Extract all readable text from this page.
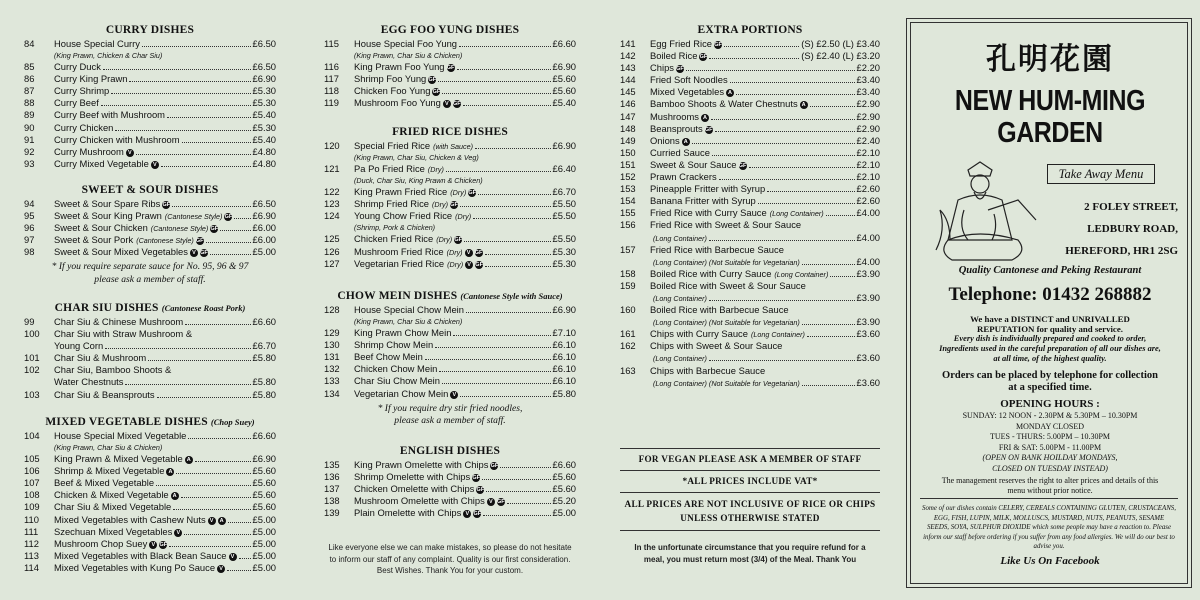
CURRY DISHES
84	House Special Curry	£6.50
(King Prawn, Chicken & Char Siu)
85	Curry Duck	£6.50
86	Curry King Prawn	£6.90
87	Curry Shrimp	£5.30
88	Curry Beef	£5.30
89	Curry Beef with Mushroom	£5.40
90	Curry Chicken	£5.30
91	Curry Chicken with Mushroom	£5.40
92	Curry Mushroom V	£4.80
93	Curry Mixed Vegetable V	£4.80
SWEET & SOUR DISHES
94	Sweet & Sour Spare Ribs GF	£6.50
95	Sweet & Sour King Prawn (Cantonese Style) GF £6.90
96	Sweet & Sour Chicken (Cantonese Style) GF	£6.00
97	Sweet & Sour Pork (Cantonese Style) GF	£6.00
98	Sweet & Sour Mixed Vegetables V GF	£5.00
* If you require separate sauce for No. 95, 96 & 97
please ask a member of staff.
CHAR SIU DISHES (Cantonese Roast Pork)
99	Char Siu & Chinese Mushroom	£6.60
100	Char Siu with Straw Mushroom &
Young Corn	£6.70
101	Char Siu & Mushroom	£5.80
102	Char Siu, Bamboo Shoots &
Water Chestnuts	£5.80
103	Char Siu & Beansprouts	£5.80
MIXED VEGETABLE DISHES (Chop Suey)
104	House Special Mixed Vegetable	£6.60
(King Prawn, Char Siu & Chicken)
105	King Prawn & Mixed Vegetable A	£6.90
106	Shrimp & Mixed Vegetable A	£5.60
107	Beef & Mixed Vegetable	£5.60
108	Chicken & Mixed Vegetable A	£5.60
109	Char Siu & Mixed Vegetable	£5.60
110	Mixed Vegetables with Cashew Nuts V A	£5.00
111	Szechuan Mixed Vegetables V	£5.00
112	Mushroom Chop Suey V GF	£5.00
113	Mixed Vegetables with Black Bean Sauce V £5.00
114	Mixed Vegetables with Kung Po Sauce V	£5.00
EGG FOO YUNG DISHES
115	House Special Foo Yung	£6.60
(King Prawn, Char Siu & Chicken)
116	King Prawn Foo Yung GF	£6.90
117	Shrimp Foo Yung GF	£5.60
118	Chicken Foo Yung GF	£5.60
119	Mushroom Foo Yung V GF	£5.40
FRIED RICE DISHES
120	Special Fried Rice (with Sauce)	£6.90
(King Prawn, Char Siu, Chicken & Veg)
121	Pa Po Fried Rice (Dry)	£6.40
(Duck, Char Siu, King Prawn & Chicken)
122	King Prawn Fried Rice (Dry) GF	£6.70
123	Shrimp Fried Rice (Dry) GF	£5.50
124	Young Chow Fried Rice (Dry)	£5.50
(Shrimp, Pork & Chicken)
125	Chicken Fried Rice (Dry) GF	£5.50
126	Mushroom Fried Rice (Dry) V GF	£5.30
127	Vegetarian Fried Rice (Dry) V GF	£5.30
CHOW MEIN DISHES (Cantonese Style with Sauce)
128	House Special Chow Mein	£6.90
(King Prawn, Char Siu & Chicken)
129	King Prawn Chow Mein	£7.10
130	Shrimp Chow Mein	£6.10
131	Beef Chow Mein	£6.10
132	Chicken Chow Mein	£6.10
133	Char Siu Chow Mein	£6.10
134	Vegetarian Chow Mein V	£5.80
* If you require dry stir fried noodles,
please ask a member of staff.
ENGLISH DISHES
135	King Prawn Omelette with Chips GF	£6.60
136	Shrimp Omelette with Chips GF	£5.60
137	Chicken Omelette with Chips GF	£5.60
138	Mushroom Omelette with Chips V GF	£5.20
139	Plain Omelette with Chips V GF	£5.00
Like everyone else we can make mistakes, so please do not hesitate to inform our staff of any complaint. Quality is our first consideration. Best Wishes. Thank You for your custom.
EXTRA PORTIONS
141	Egg Fried Rice GF	(S) £2.50 (L) £3.40
142	Boiled Rice GF	(S) £2.40 (L) £3.20
143	Chips GF	£2.20
144	Fried Soft Noodles	£3.40
145	Mixed Vegetables A	£3.40
146	Bamboo Shoots & Water Chestnuts A	£2.90
147	Mushrooms A	£2.90
148	Beansprouts GF	£2.90
149	Onions A	£2.40
150	Curried Sauce	£2.10
151	Sweet & Sour Sauce GF	£2.10
152	Prawn Crackers	£2.10
153	Pineapple Fritter with Syrup	£2.60
154	Banana Fritter with Syrup	£2.60
155	Fried Rice with Curry Sauce (Long Container)	£4.00
156	Fried Rice with Sweet & Sour Sauce
(Long Container)	£4.00
157	Fried Rice with Barbecue Sauce
(Long Container) (Not Suitable for Vegetarian)	£4.00
158	Boiled Rice with Curry Sauce (Long Container)	£3.90
159	Boiled Rice with Sweet & Sour Sauce
(Long Container)	£3.90
160	Boiled Rice with Barbecue Sauce
(Long Container) (Not Suitable for Vegetarian)	£3.90
161	Chips with Curry Sauce (Long Container)	£3.60
162	Chips with Sweet & Sour Sauce
(Long Container)	£3.60
163	Chips with Barbecue Sauce
(Long Container) (Not Suitable for Vegetarian)	£3.60
FOR VEGAN PLEASE ASK A MEMBER OF STAFF
*ALL PRICES INCLUDE VAT*
ALL PRICES ARE NOT INCLUSIVE OF RICE OR CHIPS
UNLESS OTHERWISE STATED
In the unfortunate circumstance that you require refund for a meal, you must return most (3/4) of the Meal. Thank You
孔明花園
NEW HUM-MING
GARDEN
Take Away Menu
2 FOLEY STREET,
LEDBURY ROAD,
HEREFORD, HR1 2SG
Quality Cantonese and Peking Restaurant
Telephone: 01432 268882
We have a DISTINCT and UNRIVALLED
REPUTATION for quality and service.
Every dish is individually prepared and cooked to order,
Ingredients used in the careful preparation of all our dishes are,
at all time, of the highest quality.
Orders can be placed by telephone for collection at a specified time.
OPENING HOURS :
SUNDAY: 12 NOON - 2.30PM & 5.30PM – 10.30PM
MONDAY CLOSED
TUES - THURS: 5.00PM – 10.30PM
FRI & SAT: 5.00PM - 11.00PM
(OPEN ON BANK HOILDAY MONDAYS,
CLOSED ON TUESDAY INSTEAD)
The management reserves the right to alter prices and details of this menu without prior notice.
Some of our dishes contain CELERY, CEREALS CONTAINING GLUTEN, CRUSTACEANS, EGG, FISH, LUPIN, MILK, MOLLUSCS, MUSTARD, NUTS, PEANUTS, SESAME SEEDS, SOYA, SULPHUR DIOXIDE which some people may have a reaction to. Please inform our staff before ordering if you suffer from any food allergies. We will do our best to advise you.
Like Us On Facebook
